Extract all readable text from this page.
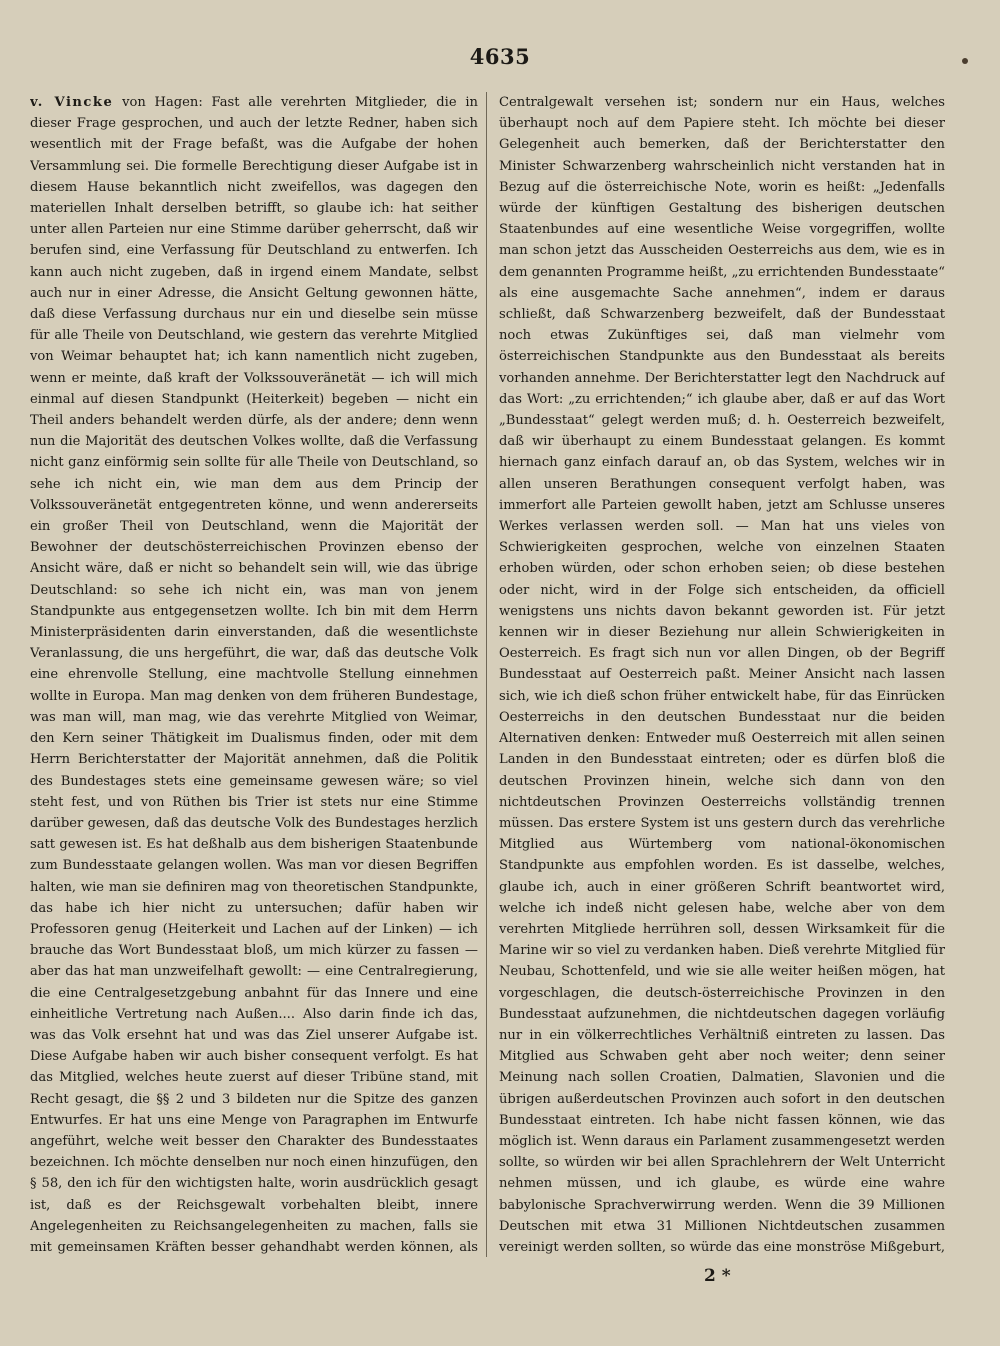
4635
v. Vincke von Hagen: Fast alle verehrten Mitglieder, die in dieser Frage gesprochen, und auch der letzte Redner, haben sich wesentlich mit der Frage befaßt, was die Aufgabe der hohen Versammlung sei. Die formelle Berechtigung dieser Aufgabe ist in diesem Hause bekanntlich nicht zweifellos, was dagegen den materiellen Inhalt derselben betrifft, so glaube ich: hat seither unter allen Parteien nur eine Stimme darüber geherrscht, daß wir berufen sind, eine Verfassung für Deutschland zu entwerfen. Ich kann auch nicht zugeben, daß in irgend einem Mandate, selbst auch nur in einer Adresse, die Ansicht Geltung gewonnen hätte, daß diese Verfassung durchaus nur ein und dieselbe sein müsse für alle Theile von Deutschland, wie gestern das verehrte Mitglied von Weimar behauptet hat; ich kann namentlich nicht zugeben, wenn er meinte, daß kraft der Volkssouveränetät — ich will mich einmal auf diesen Standpunkt (Heiterkeit) begeben — nicht ein Theil anders behandelt werden dürfe, als der andere; denn wenn nun die Majorität des deutschen Volkes wollte, daß die Verfassung nicht ganz einförmig sein sollte für alle Theile von Deutschland, so sehe ich nicht ein, wie man dem aus dem Princip der Volkssouveränetät entgegentreten könne, und wenn andererseits ein großer Theil von Deutschland, wenn die Majorität der Bewohner der deutschösterreichischen Provinzen ebenso der Ansicht wäre, daß er nicht so behandelt sein will, wie das übrige Deutschland: so sehe ich nicht ein, was man von jenem Standpunkte aus entgegensetzen wollte. Ich bin mit dem Herrn Ministerpräsidenten darin einverstanden, daß die wesentlichste Veranlassung, die uns hergeführt, die war, daß das deutsche Volk eine ehrenvolle Stellung, eine machtvolle Stellung einnehmen wollte in Europa. Man mag denken von dem früheren Bundestage, was man will, man mag, wie das verehrte Mitglied von Weimar, den Kern seiner Thätigkeit im Dualismus finden, oder mit dem Herrn Berichterstatter der Majorität annehmen, daß die Politik des Bundestages stets eine gemeinsame gewesen wäre; so viel steht fest, und von Rüthen bis Trier ist stets nur eine Stimme darüber gewesen, daß das deutsche Volk des Bundestages herzlich satt gewesen ist. Es hat deßhalb aus dem bisherigen Staatenbunde zum Bundesstaate gelangen wollen. Was man vor diesen Begriffen halten, wie man sie definiren mag von theoretischen Standpunkte, das habe ich hier nicht zu untersuchen; dafür haben wir Professoren genug (Heiterkeit und Lachen auf der Linken) — ich brauche das Wort Bundesstaat bloß, um mich kürzer zu fassen — aber das hat man unzweifelhaft gewollt: — eine Centralregierung, die eine Centralgesetzgebung anbahnt für das Innere und eine einheitliche Vertretung nach Außen.... Also darin finde ich das, was das Volk ersehnt hat und was das Ziel unserer Aufgabe ist. Diese Aufgabe haben wir auch bisher consequent verfolgt. Es hat das Mitglied, welches heute zuerst auf dieser Tribüne stand, mit Recht gesagt, die §§ 2 und 3 bildeten nur die Spitze des ganzen Entwurfes. Er hat uns eine Menge von Paragraphen im Entwurfe angeführt, welche weit besser den Charakter des Bundesstaates bezeichnen. Ich möchte denselben nur noch einen hinzufügen, den § 58, den ich für den wichtigsten halte, worin ausdrücklich gesagt ist, daß es der Reichsgewalt vorbehalten bleibt, innere Angelegenheiten zu Reichsangelegenheiten zu machen, falls sie mit gemeinsamen Kräften besser gehandhabt werden können, als
Centralgewalt versehen ist; sondern nur ein Haus, welches überhaupt noch auf dem Papiere steht. Ich möchte bei dieser Gelegenheit auch bemerken, daß der Berichterstatter den Minister Schwarzenberg wahrscheinlich nicht verstanden hat in Bezug auf die österreichische Note, worin es heißt: „Jedenfalls würde der künftigen Gestaltung des bisherigen deutschen Staatenbundes auf eine wesentliche Weise vorgegriffen, wollte man schon jetzt das Ausscheiden Oesterreichs aus dem, wie es in dem genannten Programme heißt, „zu errichtenden Bundesstaate“ als eine ausgemachte Sache annehmen“, indem er daraus schließt, daß Schwarzenberg bezweifelt, daß der Bundesstaat noch etwas Zukünftiges sei, daß man vielmehr vom österreichischen Standpunkte aus den Bundesstaat als bereits vorhanden annehme. Der Berichterstatter legt den Nachdruck auf das Wort: „zu errichtenden;“ ich glaube aber, daß er auf das Wort „Bundesstaat“ gelegt werden muß; d. h. Oesterreich bezweifelt, daß wir überhaupt zu einem Bundesstaat gelangen. Es kommt hiernach ganz einfach darauf an, ob das System, welches wir in allen unseren Berathungen consequent verfolgt haben, was immerfort alle Parteien gewollt haben, jetzt am Schlusse unseres Werkes verlassen werden soll. — Man hat uns vieles von Schwierigkeiten gesprochen, welche von einzelnen Staaten erhoben würden, oder schon erhoben seien; ob diese bestehen oder nicht, wird in der Folge sich entscheiden, da officiell wenigstens uns nichts davon bekannt geworden ist. Für jetzt kennen wir in dieser Beziehung nur allein Schwierigkeiten in Oesterreich. Es fragt sich nun vor allen Dingen, ob der Begriff Bundesstaat auf Oesterreich paßt. Meiner Ansicht nach lassen sich, wie ich dieß schon früher entwickelt habe, für das Einrücken Oesterreichs in den deutschen Bundesstaat nur die beiden Alternativen denken: Entweder muß Oesterreich mit allen seinen Landen in den Bundesstaat eintreten; oder es dürfen bloß die deutschen Provinzen hinein, welche sich dann von den nichtdeutschen Provinzen Oesterreichs vollständig trennen müssen. Das erstere System ist uns gestern durch das verehrliche Mitglied aus Würtemberg vom national-ökonomischen Standpunkte aus empfohlen worden. Es ist dasselbe, welches, glaube ich, auch in einer größeren Schrift beantwortet wird, welche ich indeß nicht gelesen habe, welche aber von dem verehrten Mitgliede herrühren soll, dessen Wirksamkeit für die Marine wir so viel zu verdanken haben. Dieß verehrte Mitglied für Neubau, Schottenfeld, und wie sie alle weiter heißen mögen, hat vorgeschlagen, die deutsch-österreichische Provinzen in den Bundesstaat aufzunehmen, die nichtdeutschen dagegen vorläufig nur in ein völkerrechtliches Verhältniß eintreten zu lassen. Das Mitglied aus Schwaben geht aber noch weiter; denn seiner Meinung nach sollen Croatien, Dalmatien, Slavonien und die übrigen außerdeutschen Provinzen auch sofort in den deutschen Bundesstaat eintreten. Ich habe nicht fassen können, wie das möglich ist. Wenn daraus ein Parlament zusammengesetzt werden sollte, so würden wir bei allen Sprachlehrern der Welt Unterricht nehmen müssen, und ich glaube, es würde eine wahre babylonische Sprachverwirrung werden. Wenn die 39 Millionen Deutschen mit etwa 31 Millionen Nichtdeutschen zusammen vereinigt werden sollten, so würde das eine monströse Mißgeburt,
2 *
